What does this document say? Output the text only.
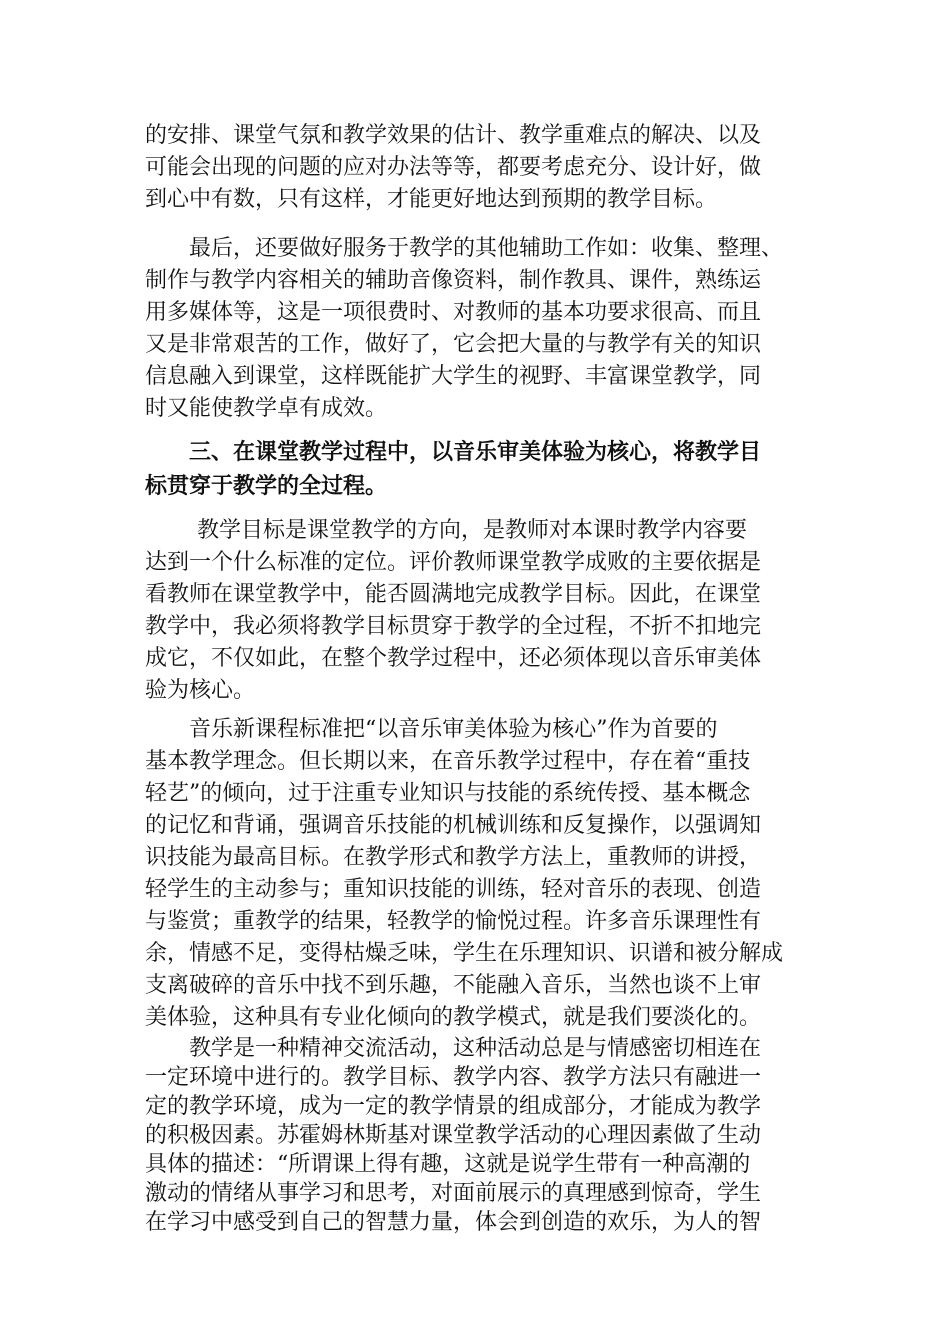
的安排、课堂气氛和教学效果的估计、教学重难点的解决、以及
可能会出现的问题的应对办法等等，都要考虑充分、设计好，做
到心中有数，只有这样，才能更好地达到预期的教学目标。

最后，还要做好服务于教学的其他辅助工作如：收集、整理、
制作与教学内容相关的辅助音像资料，制作教具、课件，熟练运
用多媒体等，这是一项很费时、对教师的基本功要求很高、而且
又是非常艰苦的工作，做好了，它会把大量的与教学有关的知识
信息融入到课堂，这样既能扩大学生的视野、丰富课堂教学，同
时又能使教学卓有成效。

三、在课堂教学过程中，以音乐审美体验为核心，将教学目
标贯穿于教学的全过程。

教学目标是课堂教学的方向，是教师对本课时教学内容要
达到一个什么标准的定位。评价教师课堂教学成败的主要依据是
看教师在课堂教学中，能否圆满地完成教学目标。因此，在课堂
教学中，我必须将教学目标贯穿于教学的全过程，不折不扣地完
成它，不仅如此，在整个教学过程中，还必须体现以音乐审美体
验为核心。

音乐新课程标准把“以音乐审美体验为核心”作为首要的
基本教学理念。但长期以来，在音乐教学过程中，存在着“重技
轻艺”的倾向，过于注重专业知识与技能的系统传授、基本概念
的记忆和背诵，强调音乐技能的机械训练和反复操作，以强调知
识技能为最高目标。在教学形式和教学方法上，重教师的讲授，
轻学生的主动参与；重知识技能的训练，轻对音乐的表现、创造
与鉴赏；重教学的结果，轻教学的愉悦过程。许多音乐课理性有
余，情感不足，变得枯燥乏味，学生在乐理知识、识谱和被分解成
支离破碎的音乐中找不到乐趣，不能融入音乐，当然也谈不上审
美体验，这种具有专业化倾向的教学模式，就是我们要淡化的。

教学是一种精神交流活动，这种活动总是与情感密切相连在
一定环境中进行的。教学目标、教学内容、教学方法只有融进一
定的教学环境，成为一定的教学情景的组成部分，才能成为教学
的积极因素。苏霍姆林斯基对课堂教学活动的心理因素做了生动
具体的描述：“所谓课上得有趣，这就是说学生带有一种高潮的
激动的情绪从事学习和思考，对面前展示的真理感到惊奇，学生
在学习中感受到自己的智慧力量，体会到创造的欢乐，为人的智
